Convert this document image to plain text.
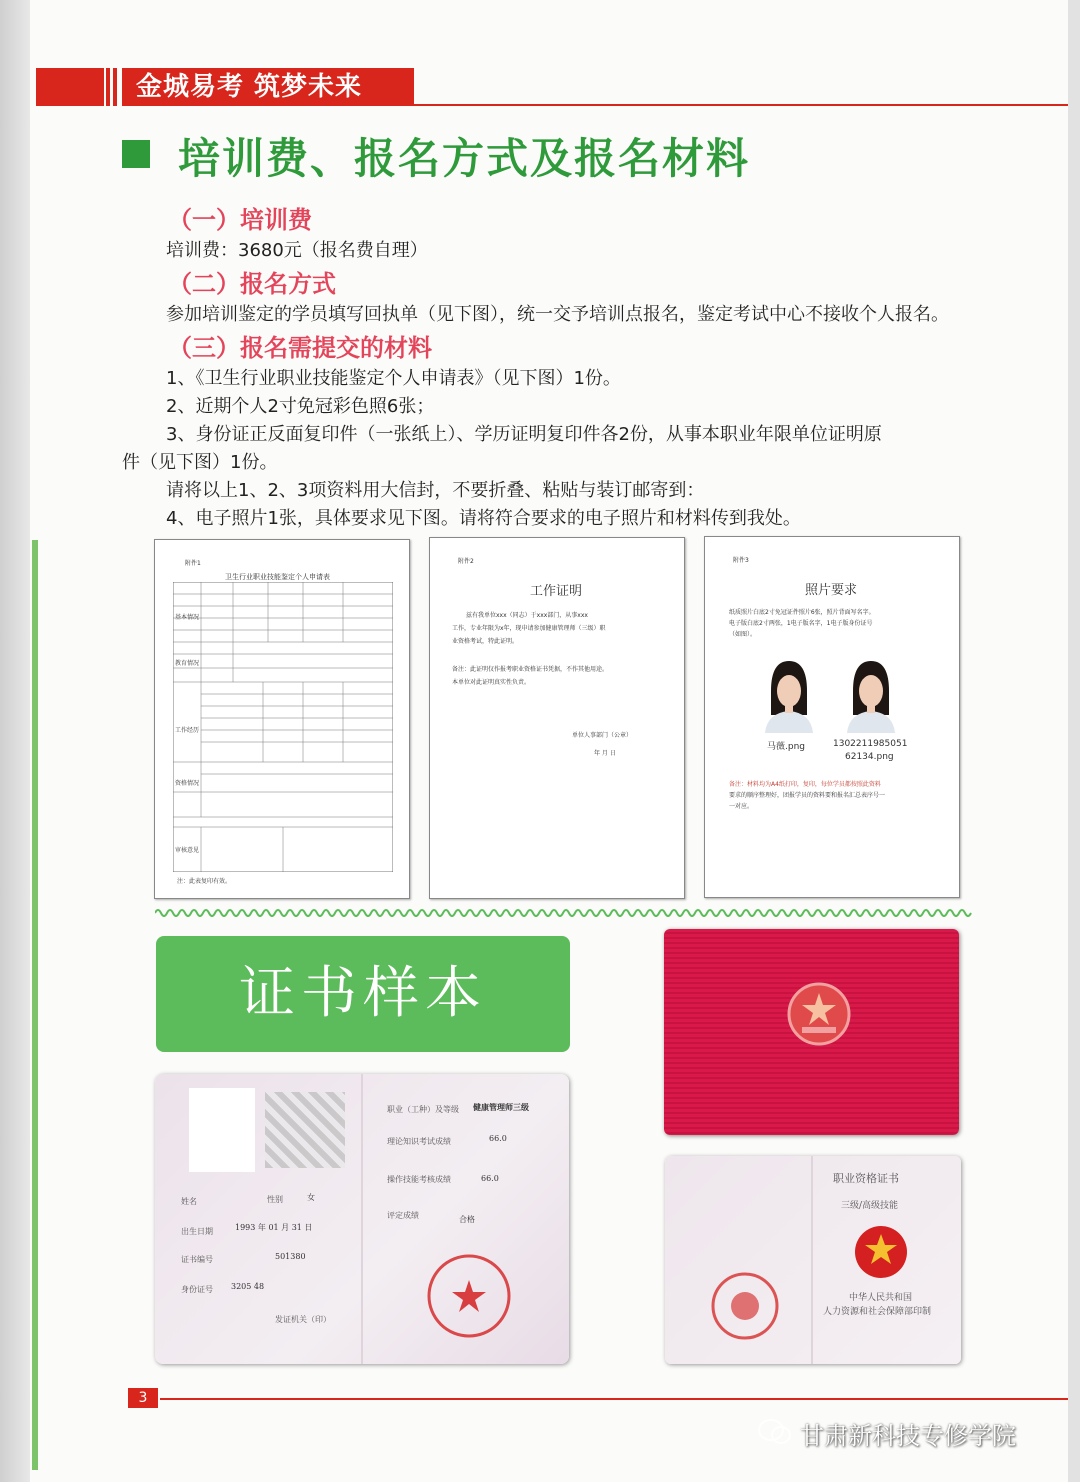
金城易考 筑梦未来
培训费、报名方式及报名材料
（一）培训费
培训费：3680元（报名费自理）
（二）报名方式
参加培训鉴定的学员填写回执单（见下图），统一交予培训点报名，鉴定考试中心不接收个人报名。
（三）报名需提交的材料
1、《卫生行业职业技能鉴定个人申请表》（见下图）1份。
2、近期个人2寸免冠彩色照6张；
3、身份证正反面复印件（一张纸上）、学历证明复印件各2份，从事本职业年限单位证明原
件（见下图）1份。
请将以上1、2、3项资料用大信封，不要折叠、粘贴与装订邮寄到：
4、电子照片1张，具体要求见下图。请将符合要求的电子照片和材料传到我处。
附件1
卫生行业职业技能鉴定个人申请表
基本情况
教育情况
工作经历
资格情况
审核意见
注：此表复印有效。
附件2
工作证明
兹有我单位xxx（同志）于xxx部门，从事xxx
工作，专业年限为x年，现申请参加健康管理师（三级）职
业资格考试，特此证明。
备注：此证明仅作报考职业资格证书凭据，不作其他用途。
本单位对此证明真实性负责。
单位人事部门（公章）
年 月 日
附件3
照片要求
纸质照片白底2寸免冠证件照片6张，照片背面写名字。
电子版白底2寸两张，1电子版名字，1电子版身份证号
（如图）。
马薇.png	1302211985051
62134.png
备注：材料均为A4纸打印，复印，每位学员都按照此资料
要求的顺序整理好，团报学员的资料要和报名汇总表序号一
一对应。
证书样本
职业（工种）及等级 健康管理师三级
理论知识考试成绩	66.0
操作技能考核成绩	66.0
评定成绩	合格
姓名	性别	女
出生日期	1993 年 01 月 31 日
证书编号	501380
身份证号 3205 48
发证机关（印）
职业资格证书
三级/高级技能
中华人民共和国
人力资源和社会保障部印制
3
甘肃新科技专修学院
